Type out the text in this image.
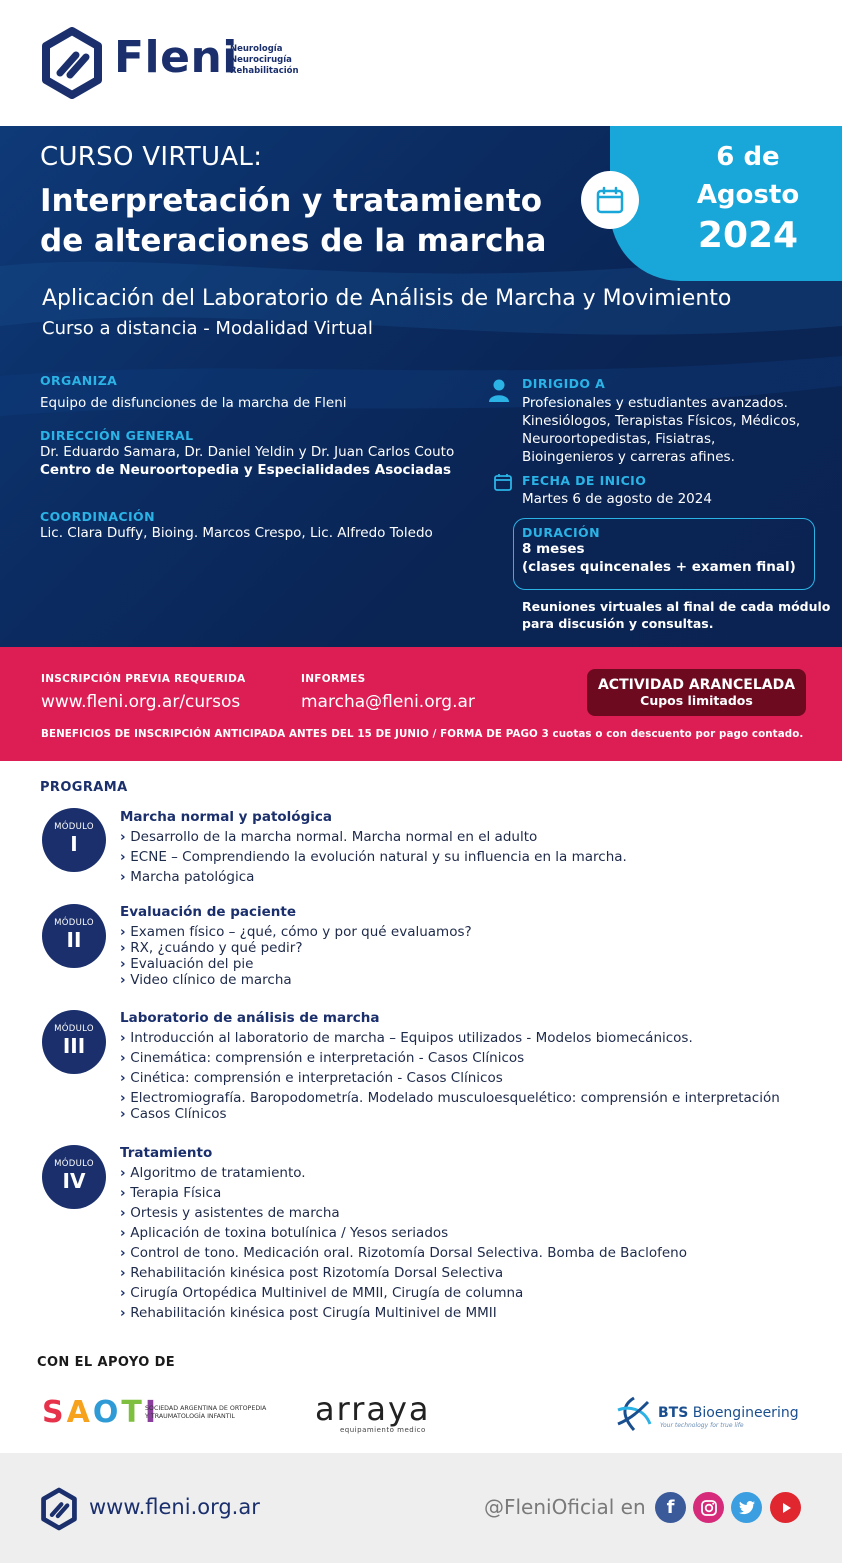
Fleni
Neurología
Neurocirugía
Rehabilitación
6 de
Agosto
2024
CURSO VIRTUAL:
Interpretación y tratamiento
de alteraciones de la marcha
Aplicación del Laboratorio de Análisis de Marcha y Movimiento
Curso a distancia - Modalidad Virtual
ORGANIZA
Equipo de disfunciones de la marcha de Fleni
DIRECCIÓN GENERAL
Dr. Eduardo Samara, Dr. Daniel Yeldin y Dr. Juan Carlos Couto
Centro de Neuroortopedia y Especialidades Asociadas
COORDINACIÓN
Lic. Clara Duffy, Bioing. Marcos Crespo, Lic. Alfredo Toledo
DIRIGIDO A
Profesionales y estudiantes avanzados.
Kinesiólogos, Terapistas Físicos, Médicos,
Neuroortopedistas, Fisiatras,
Bioingenieros y carreras afines.
FECHA DE INICIO
Martes 6 de agosto de 2024
DURACIÓN
8 meses
(clases quincenales + examen final)
Reuniones virtuales al final de cada módulo
para discusión y consultas.
INSCRIPCIÓN PREVIA REQUERIDA
www.fleni.org.ar/cursos
INFORMES
marcha@fleni.org.ar
ACTIVIDAD ARANCELADA
Cupos limitados
BENEFICIOS DE INSCRIPCIÓN ANTICIPADA ANTES DEL 15 DE JUNIO / FORMA DE PAGO 3 cuotas o con descuento por pago contado.
PROGRAMA
MÓDULO
I
Marcha normal y patológica
› Desarrollo de la marcha normal. Marcha normal en el adulto
› ECNE – Comprendiendo la evolución natural y su influencia en la marcha.
› Marcha patológica
MÓDULO
II
Evaluación de paciente
› Examen físico – ¿qué, cómo y por qué evaluamos?
› RX, ¿cuándo y qué pedir?
› Evaluación del pie
› Video clínico de marcha
MÓDULO
III
Laboratorio de análisis de marcha
› Introducción al laboratorio de marcha – Equipos utilizados - Modelos biomecánicos.
› Cinemática: comprensión e interpretación - Casos Clínicos
› Cinética: comprensión e interpretación - Casos Clínicos
› Electromiografía. Baropodometría. Modelado musculoesquelético: comprensión e interpretación
› Casos Clínicos
MÓDULO
IV
Tratamiento
› Algoritmo de tratamiento.
› Terapia Física
› Ortesis y asistentes de marcha
› Aplicación de toxina botulínica / Yesos seriados
› Control de tono. Medicación oral. Rizotomía Dorsal Selectiva. Bomba de Baclofeno
› Rehabilitación kinésica post Rizotomía Dorsal Selectiva
› Cirugía Ortopédica Multinivel de MMII, Cirugía de columna
› Rehabilitación kinésica post Cirugía Multinivel de MMII
CON EL APOYO DE
SAOTI
SOCIEDAD ARGENTINA DE ORTOPEDIA
Y TRAUMATOLOGÍA INFANTIL	arraya
equipamiento medico
BTS Bioengineering
Your technology for true life
www.fleni.org.ar	@FleniOficial en	f
